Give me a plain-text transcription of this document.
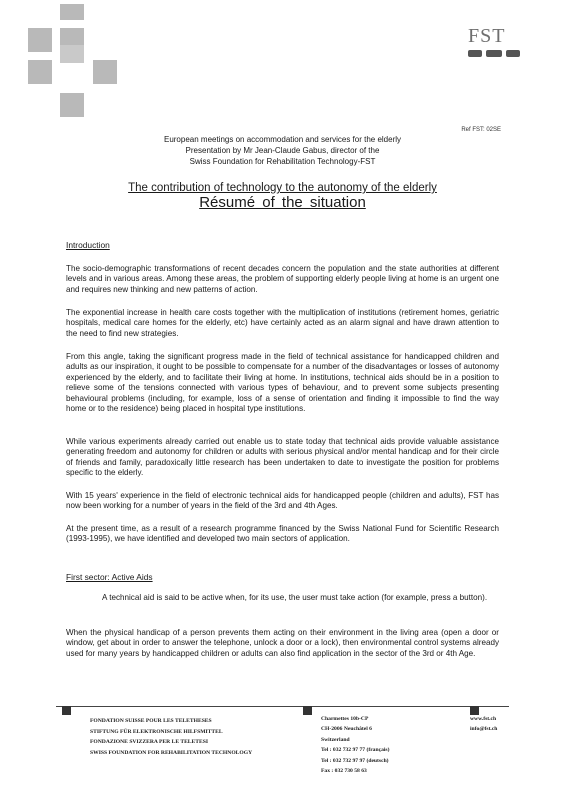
FST
Ref FST: 02SE
European meetings on accommodation and services for the elderly
Presentation by Mr Jean-Claude Gabus, director of the
Swiss Foundation for Rehabilitation Technology-FST
The contribution of technology to the autonomy of the elderly
Résumé of the situation
Introduction

The socio-demographic transformations of recent decades concern the population and the state authorities at different levels and in various areas. Among these areas, the problem of supporting elderly people living at home is an urgent one and requires new thinking and new patterns of action.

The exponential increase in health care costs together with the multiplication of institutions (retirement homes, geriatric hospitals, medical care homes for the elderly, etc) have certainly acted as an alarm signal and have drawn attention to the need to find new strategies.

From this angle, taking the significant progress made in the field of technical assistance for handicapped children and adults as our inspiration, it ought to be possible to compensate for a number of the disadvantages or losses of autonomy experienced by the elderly, and to facilitate their living at home. In institutions, technical aids should be in a position to relieve some of the tensions connected with various types of behaviour, and to prevent some subjects presenting behavioural problems (including, for example, loss of a sense of orientation and finding it impossible to find the way home or to the residence) being placed in hospital type institutions.

While various experiments already carried out enable us to state today that technical aids provide valuable assistance generating freedom and autonomy for children or adults with serious physical and/or mental handicap and for their circle of friends and family, paradoxically little research has been undertaken to date to investigate the position for problems specific to the elderly.

With 15 years' experience in the field of electronic technical aids for handicapped people (children and adults), FST has now been working for a number of years in the field of the 3rd and 4th Ages.

At the present time, as a result of a research programme financed by the Swiss National Fund for Scientific Research (1993-1995), we have identified and developed two main sectors of application.

First sector: Active Aids
A technical aid is said to be active when, for its use, the user must take action (for example, press a button).

When the physical handicap of a person prevents them acting on their environment in the living area (open a door or window, get about in order to answer the telephone, unlock a door or a lock), then environmental control systems already used for many years by handicapped children or adults can also find application in the sector of the 3rd or 4th Age.

FONDATION SUISSE POUR LES TELETHESES
STIFTUNG FÜR ELEKTRONISCHE HILFSMITTEL
FONDAZIONE SVIZZERA PER LE TELETESI
SWISS FOUNDATION FOR REHABILITATION TECHNOLOGY
Charmettes 10b-CP
CH-2006 Neuchâtel 6
Switzerland
Tel : 032 732 97 77 (français)
Tel : 032 732 97 97 (deutsch)
Fax : 032 730 58 63
www.fst.ch
info@fst.ch
